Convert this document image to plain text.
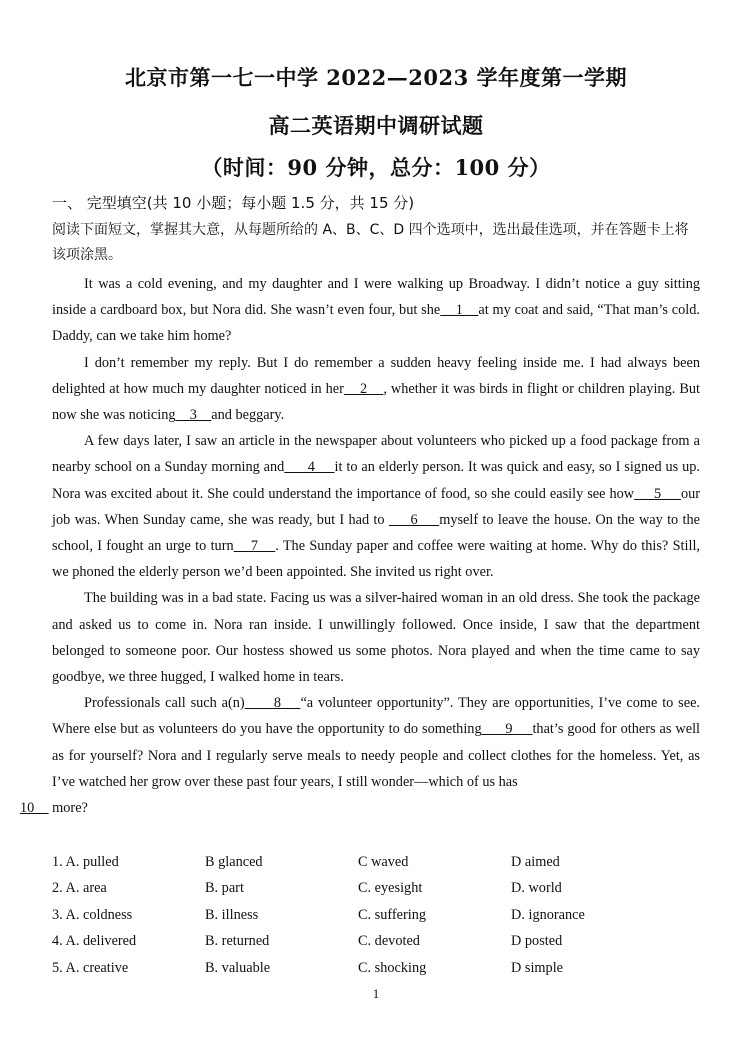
北京市第一七一中学 2022—2023 学年度第一学期
高二英语期中调研试题
（时间：90 分钟，总分：100 分）
一、 完型填空(共 10 小题；每小题 1.5 分，共 15 分)
阅读下面短文，掌握其大意，从每题所给的 A、B、C、D 四个选项中，选出最佳选项，并在答题卡上将该项涂黑。

It was a cold evening, and my daughter and I were walking up Broadway. I didn’t notice a guy sitting inside a cardboard box, but Nora did. She wasn’t even four, but she    1    at my coat and said, “That man’s cold. Daddy, can we take him home?

I don’t remember my reply. But I do remember a sudden heavy feeling inside me. I had always been delighted at how much my daughter noticed in her    2    , whether it was birds in flight or children playing. But now she was noticing    3    and beggary.

A few days later, I saw an article in the newspaper about volunteers who picked up a food package from a nearby school on a Sunday morning and      4     it to an elderly person. It was quick and easy, so I signed us up. Nora was excited about it. She could understand the importance of food, so she could easily see how     5     our job was. When Sunday came, she was ready, but I had to      6     myself to leave the house. On the way to the school, I fought an urge to turn    7    . The Sunday paper and coffee were waiting at home. Why do this? Still, we phoned the elderly person we’d been appointed. She invited us right over.

The building was in a bad state. Facing us was a silver-haired woman in an old dress. She took the package and asked us to come in. Nora ran inside. I unwillingly followed. Once inside, I saw that the department belonged to someone poor. Our hostess showed us some photos. Nora played and when the time came to say goodbye, we three hugged, I walked home in tears.

Professionals call such a(n)      8    “a volunteer opportunity”. They are opportunities, I’ve come to see. Where else but as volunteers do you have the opportunity to do something      9     that’s good for others as well as for yourself? Nora and I regularly serve meals to needy people and collect clothes for the homeless. Yet, as I’ve watched her grow over these past four years, I still wonder—which of us has
10     more?

1. A. pulled	B glanced	C waved	D aimed
2. A. area	B. part	C. eyesight	D. world
3. A. coldness	B. illness	C. suffering	D. ignorance
4. A. delivered	B. returned	C. devoted	D posted
5. A. creative	B. valuable	C. shocking	D simple
1
